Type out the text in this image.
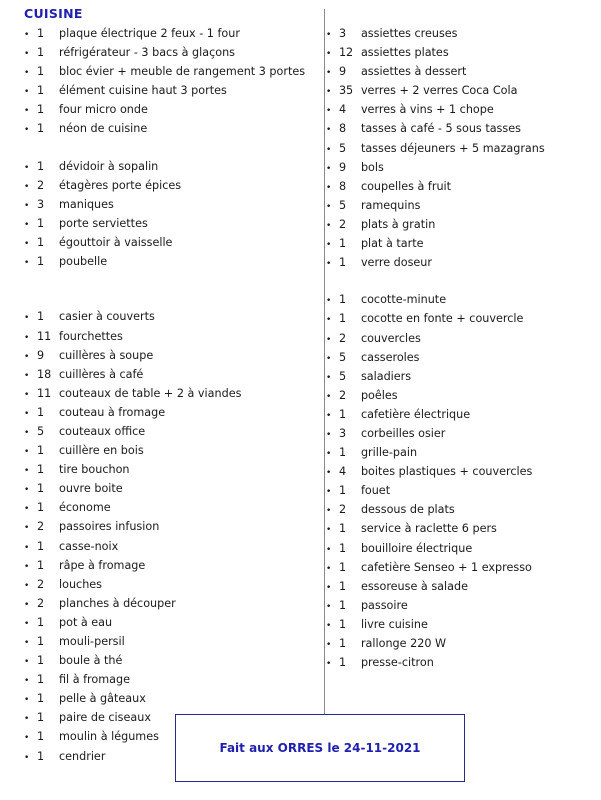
CUISINE
• 1	plaque électrique 2 feux - 1 four
• 1	réfrigérateur - 3 bacs à glaçons
• 1	bloc évier + meuble de rangement 3 portes
• 1	élément cuisine haut 3 portes
• 1	four micro onde
• 1	néon de cuisine

• 1	dévidoir à sopalin
• 2	étagères porte épices
• 3	maniques
• 1	porte serviettes
• 1	égouttoir à vaisselle
• 1	poubelle

• 1	casier à couverts
• 11 fourchettes
• 9	cuillères à soupe
• 18 cuillères à café
• 11 couteaux de table + 2 à viandes
• 1	couteau à fromage
• 5	couteaux office
• 1	cuillère en bois
• 1	tire bouchon
• 1	ouvre boite
• 1	économe
• 2	passoires infusion
• 1	casse-noix
• 1	râpe à fromage
• 2	louches
• 2	planches à découper
• 1	pot à eau
• 1	mouli-persil
• 1	boule à thé
• 1	fil à fromage
• 1	pelle à gâteaux
• 1	paire de ciseaux
• 1	moulin à légumes
• 1	cendrier
• 3	assiettes creuses
• 12 assiettes plates
• 9	assiettes à dessert
• 35 verres + 2 verres Coca Cola
• 4	verres à vins + 1 chope
• 8	tasses à café - 5 sous tasses
• 5	tasses déjeuners + 5 mazagrans
• 9	bols
• 8	coupelles à fruit
• 5	ramequins
• 2	plats à gratin
• 1	plat à tarte
• 1	verre doseur

• 1	cocotte-minute
• 1	cocotte en fonte + couvercle
• 2	couvercles
• 5	casseroles
• 5	saladiers
• 2	poêles
• 1	cafetière électrique
• 3	corbeilles osier
• 1	grille-pain
• 4	boites plastiques + couvercles
• 1	fouet
• 2	dessous de plats
• 1	service à raclette 6 pers
• 1	bouilloire électrique
• 1	cafetière Senseo + 1 expresso
• 1	essoreuse à salade
• 1	passoire
• 1	livre cuisine
• 1	rallonge 220 W
• 1	presse-citron
Fait aux ORRES le 24-11-2021
